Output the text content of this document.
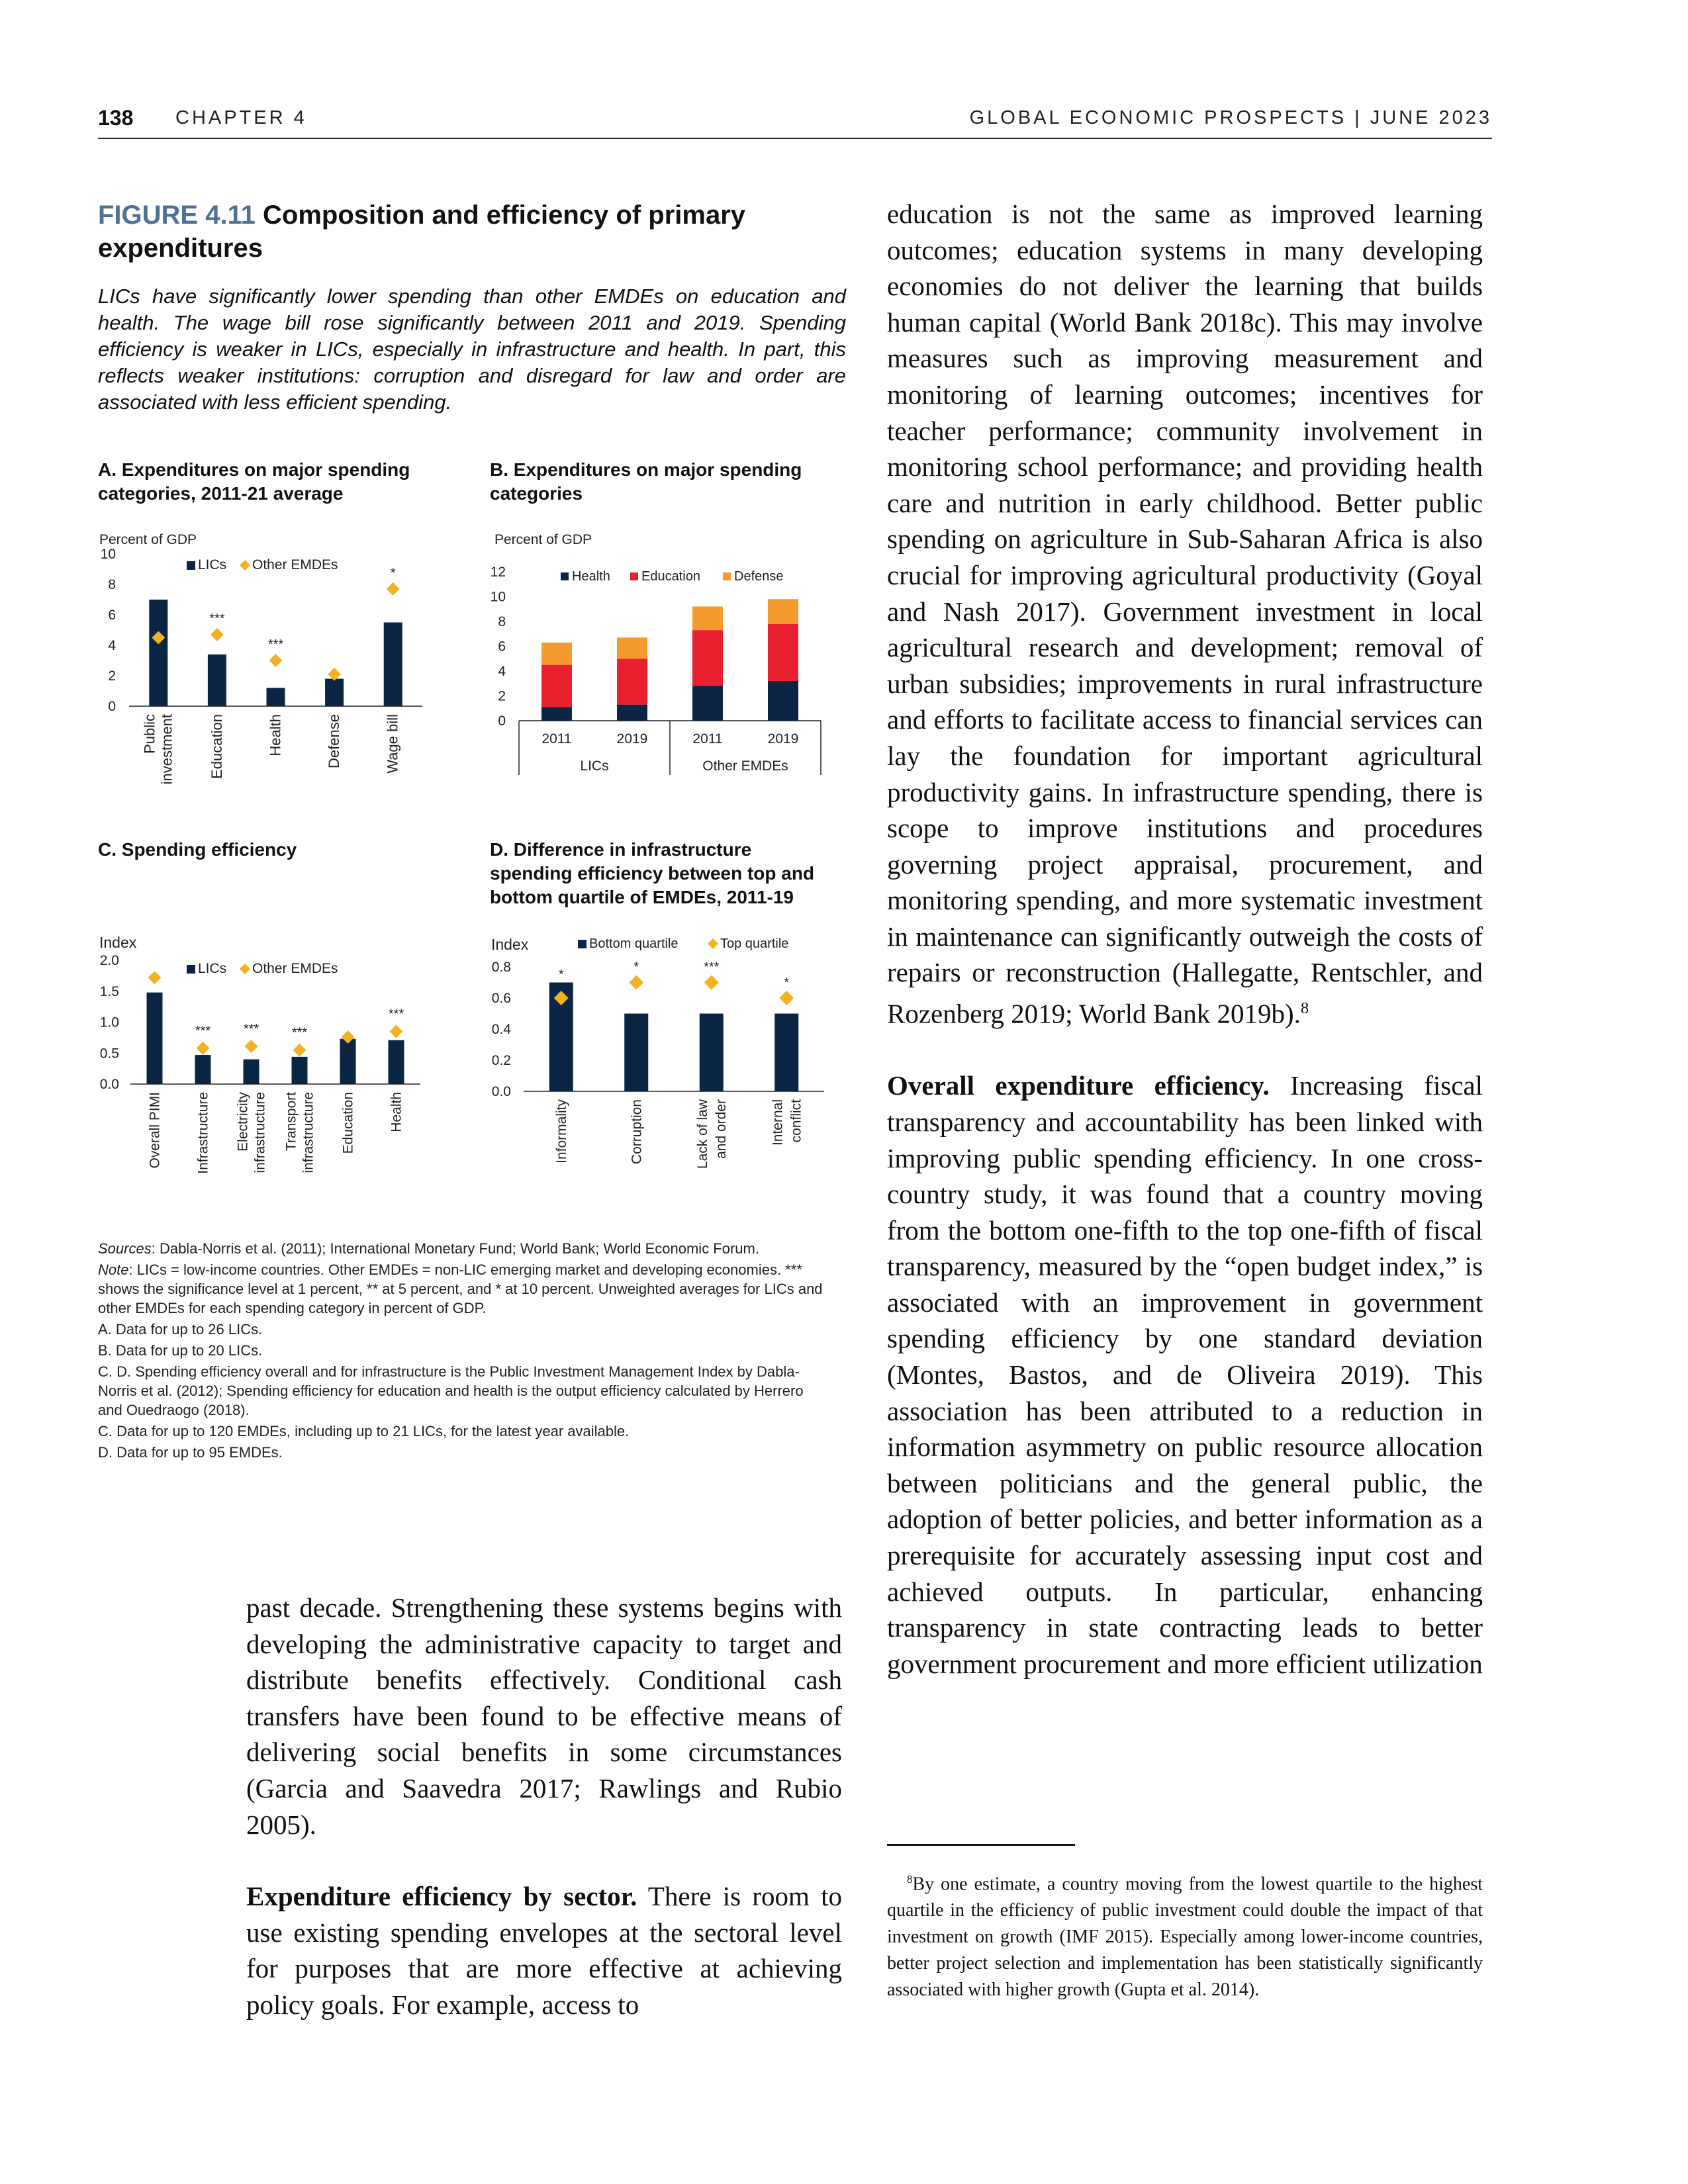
138 CHAPTER 4	GLOBAL ECONOMIC PROSPECTS | JUNE 2023
FIGURE 4.11 Composition and efficiency of primary expenditures
LICs have significantly lower spending than other EMDEs on education and health. The wage bill rose significantly between 2011 and 2019. Spending efficiency is weaker in LICs, especially in infrastructure and health. In part, this reflects weaker institutions: corruption and disregard for law and order are associated with less efficient spending.
A. Expenditures on major spending categories, 2011-21 average
B. Expenditures on major spending categories
C. Spending efficiency	D. Difference in infrastructure spending efficiency between top and bottom quartile of EMDEs, 2011-19
Percent of GDP
0
2
4
6
8
10
Public investment
***
Education
***
Health	Defense
*
Wage bill
LICs Other EMDEs
Percent of GDP
0
2
4
6
8
10
12
2011	2019	2011	2019
LICs	Other EMDEs
Health Education	Defense
Index
0.0
0.5
1.0
1.5
2.0
Overall PIMI
***
Infrastructure
***
Electricity infrastructure
***
Transport infrastructure Education
***
Health
LICs Other EMDEs
Index
0.0
0.2
0.4
0.6
0.8	*
Informality
*
Corruption
***
Lack of law and order
*
Internal conflict
Bottom quartile	Top quartile

Sources: Dabla-Norris et al. (2011); International Monetary Fund; World Bank; World Economic Forum.

Note: LICs = low-income countries. Other EMDEs = non-LIC emerging market and developing economies. *** shows the significance level at 1 percent, ** at 5 percent, and * at 10 percent. Unweighted averages for LICs and other EMDEs for each spending category in percent of GDP.

A. Data for up to 26 LICs.

B. Data for up to 20 LICs.

C. D. Spending efficiency overall and for infrastructure is the Public Investment Management Index by Dabla-Norris et al. (2012); Spending efficiency for education and health is the output efficiency calculated by Herrero and Ouedraogo (2018).

C. Data for up to 120 EMDEs, including up to 21 LICs, for the latest year available.

D. Data for up to 95 EMDEs.

education is not the same as improved learning outcomes; education systems in many developing economies do not deliver the learning that builds human capital (World Bank 2018c). This may involve measures such as improving measurement and monitoring of learning outcomes; incentives for teacher performance; community involvement in monitoring school performance; and providing health care and nutrition in early childhood. Better public spending on agriculture in Sub-Saharan Africa is also crucial for improving agricultural productivity (Goyal and Nash 2017). Government investment in local agricultural research and development; removal of urban subsidies; improvements in rural infrastructure and efforts to facilitate access to financial services can lay the foundation for important agricultural productivity gains. In infrastructure spending, there is scope to improve institutions and procedures governing project appraisal, procurement, and monitoring spending, and more systematic investment in maintenance can significantly outweigh the costs of repairs or reconstruction (Hallegatte, Rentschler, and Rozenberg 2019; World Bank 2019b).$^8$

Overall expenditure efficiency. Increasing fiscal transparency and accountability has been linked with improving public spending efficiency. In one cross-country study, it was found that a country moving from the bottom one-fifth to the top one-fifth of fiscal transparency, measured by the “open budget index,” is associated with an improvement in government spending efficiency by one standard deviation (Montes, Bastos, and de Oliveira 2019). This association has been attributed to a reduction in information asymmetry on public resource allocation between politicians and the general public, the adoption of better policies, and better information as a prerequisite for accurately assessing input cost and achieved outputs. In particular, enhancing transparency in state contracting leads to better government procurement and more efficient utilization

past decade. Strengthening these systems begins with developing the administrative capacity to target and distribute benefits effectively. Conditional cash transfers have been found to be effective means of delivering social benefits in some circumstances (Garcia and Saavedra 2017; Rawlings and Rubio 2005).

Expenditure efficiency by sector. There is room to use existing spending envelopes at the sectoral level for purposes that are more effective at achieving policy goals. For example, access to

$^8$By one estimate, a country moving from the lowest quartile to the highest quartile in the efficiency of public investment could double the impact of that investment on growth (IMF 2015). Especially among lower-income countries, better project selection and implementation has been statistically significantly associated with higher growth (Gupta et al. 2014).
